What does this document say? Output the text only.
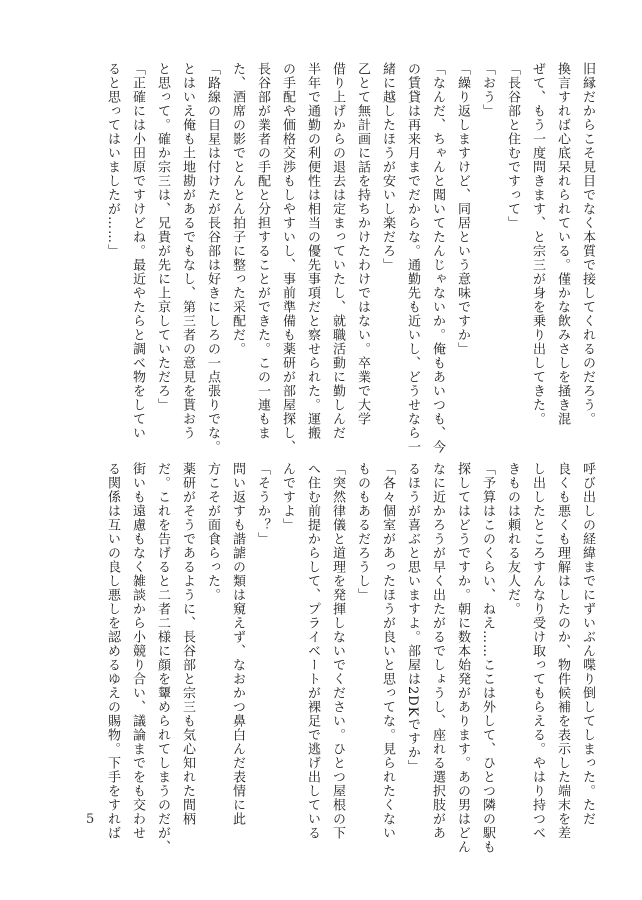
旧縁だからこそ見目でなく本質で接してくれるのだろう。

換言すれば心底呆れられている。僅かな飲みさしを掻き混

ぜて、もう一度問きます、と宗三が身を乗り出してきた。

「長谷部と住むですって」

「おう」

「繰り返しますけど、同居という意味ですか」

「なんだ、ちゃんと聞いてたんじゃないか。俺もあいつも、今

の賃貸は再来月までだからな。通勤先も近いし、どうせなら一

緒に越したほうが安いし楽だろ」

乙とて無計画に話を持ちかけたわけではない。卒業で大学

借り上げからの退去は定まっていたし、就職活動に勤しんだ

半年で通勤の利便性は相当の優先事項だと察せられた。運搬

の手配や価格交渉もしやすいし、事前準備も薬研が部屋探し、

長谷部が業者の手配と分担することができた。この一連もま

た、酒席の影でとんとん拍子に整った采配だ。

「路線の目星は付けたが長谷部は好きにしろの一点張りでな。

とはいえ俺も土地勘があるでもなし、第三者の意見を貰おう

と思って。確か宗三は、兄貴が先に上京していただろ」

「正確には小田原ですけどね。最近やたらと調べ物をしてい

ると思ってはいましたが……」

呼び出しの経緯までにずいぶん喋り倒してしまった。ただ

良くも悪くも理解はしたのか、物件候補を表示した端末を差

し出したところすんなり受け取ってもらえる。やはり持つべ

きものは頼れる友人だ。

「予算はこのくらい、ねえ……ここは外して、ひとつ隣の駅も

探してはどうですか。朝に数本始発があります。あの男はどん

なに近かろうが早く出たがるでしょうし、座れる選択肢があ

るほうが喜ぶと思いますよ。部屋は2DKですか」

「各々個室があったほうが良いと思ってな。見られたくない

ものもあるだろうし」

「突然律儀と道理を発揮しないでください。ひとつ屋根の下

へ住む前提からして、プライベートが裸足で逃げ出している

んですよ」

「そうか？」

問い返すも諧謔の類は窺えず、なおかつ鼻白んだ表情に此

方こそが面食らった。

薬研がそうであるように、長谷部と宗三も気心知れた間柄

だ。これを告げると二者二様に顔を顰められてしまうのだが、

街いも遠慮もなく雑談から小競り合い、議論までをも交わせ

る関係は互いの良し悪しを認めるゆえの賜物。下手をすれば

5
